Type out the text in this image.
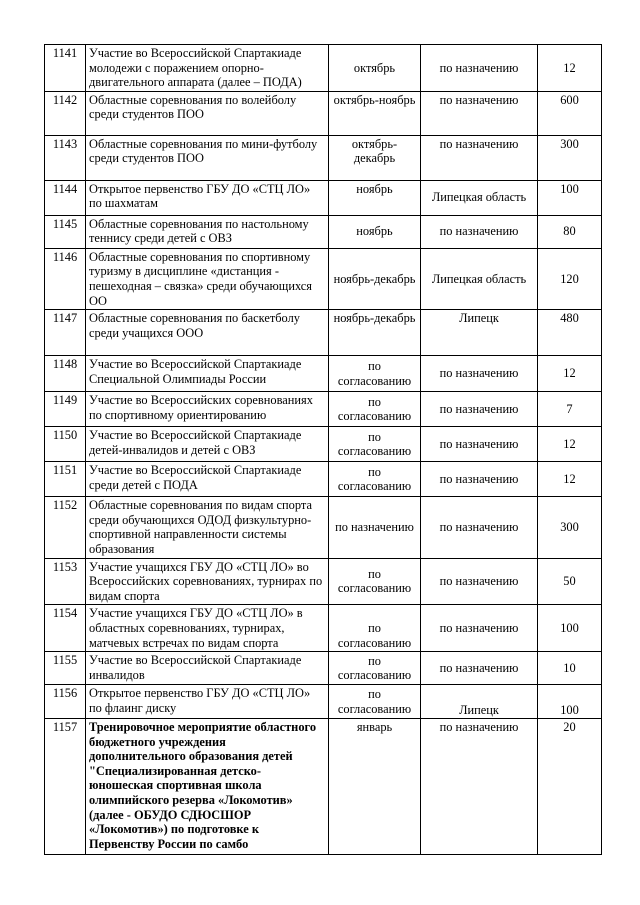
1141	Участие во Всероссийской Спартакиаде молодежи с поражением опорно-двигательного аппарата (далее – ПОДА)	октябрь	по назначению	12
1142	Областные соревнования по волейболу среди студентов ПОО	октябрь-ноябрь	по назначению	600
1143	Областные соревнования по мини-футболу среди студентов ПОО	октябрь-декабрь	по назначению	300
1144	Открытое первенство ГБУ ДО «СТЦ ЛО» по шахматам	ноябрь	Липецкая область	100
1145	Областные соревнования по настольному теннису среди детей с ОВЗ	ноябрь	по назначению	80
1146	Областные соревнования по спортивному туризму в дисциплине «дистанция - пешеходная – связка» среди обучающихся ОО	ноябрь-декабрь	Липецкая область	120
1147	Областные соревнования по баскетболу среди учащихся ООО	ноябрь-декабрь	Липецк	480
1148	Участие во Всероссийской Спартакиаде Специальной Олимпиады России	по согласованию	по назначению	12
1149	Участие во Всероссийских соревнованиях по спортивному ориентированию	по согласованию	по назначению	7
1150	Участие во Всероссийской Спартакиаде детей-инвалидов и детей с ОВЗ	по согласованию	по назначению	12
1151	Участие во Всероссийской Спартакиаде среди детей с ПОДА	по согласованию	по назначению	12
1152	Областные соревнования по видам спорта среди обучающихся ОДОД физкультурно-спортивной направленности системы образования	по назначению	по назначению	300
1153	Участие учащихся ГБУ ДО «СТЦ ЛО» во Всероссийских соревнованиях, турнирах по видам спорта	по согласованию	по назначению	50
1154	Участие учащихся ГБУ ДО «СТЦ ЛО» в областных соревнованиях, турнирах, матчевых встречах по видам спорта	по согласованию	по назначению	100
1155	Участие во Всероссийской Спартакиаде инвалидов	по согласованию	по назначению	10
1156	Открытое первенство ГБУ ДО «СТЦ ЛО» по флаинг диску	по согласованию	Липецк	100
1157	Тренировочное мероприятие областного бюджетного учреждения дополнительного образования детей "Специализированная детско-юношеская спортивная школа олимпийского резерва «Локомотив» (далее - ОБУДО СДЮСШОР «Локомотив») по подготовке к Первенству России по самбо	январь	по назначению	20
